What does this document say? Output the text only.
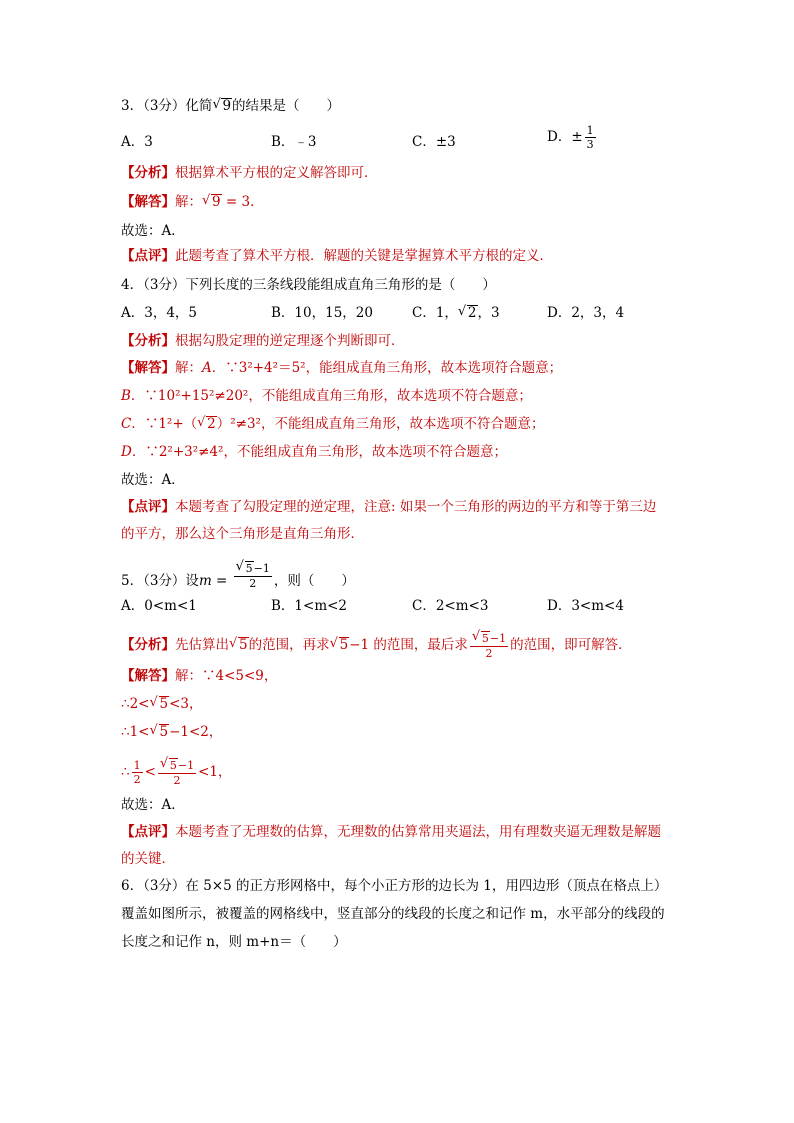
3．（3分）化简 √ 9的结果是（　　）
A．3	B．﹣3	C．±3	D．± $\frac{1}{3}$
【分析】根据算术平方根的定义解答即可．
【解答】解： √ 9 = 3．
故选：A．
【点评】此题考查了算术平方根．解题的关键是掌握算术平方根的定义．
4．（3分）下列长度的三条线段能组成直角三角形的是（　　）
A．3，4，5	B．10，15，20	C．1， √ 2，3	D．2，3，4
【分析】根据勾股定理的逆定理逐个判断即可．
【解答】解：A．∵3²+4²＝5²，能组成直角三角形，故本选项符合题意；
B．∵10²+15²≠20²，不能组成直角三角形，故本选项不符合题意；
C．∵1²+（ √ 2）²≠3²，不能组成直角三角形，故本选项不符合题意；
D．∵2²+3²≠4²，不能组成直角三角形，故本选项不符合题意；
故选：A．
【点评】本题考查了勾股定理的逆定理，注意: 如果一个三角形的两边的平方和等于第三边
的平方，那么这个三角形是直角三角形．
5．（3分）设m = √ $\frac{5-1}{2}$ ，则（　　）
A．0<m<1	B．1<m<2	C．2<m<3	D．3<m<4
【分析】先估算出 √ 5的范围，再求 √ 5−1 的范围，最后求 √ $\frac{5-1}{2}$ 的范围，即可解答．
【解答】解：∵4<5<9，
∴2< √ 5<3，
∴1< √ 5−1<2，
∴ $\frac{1}{2}$ < √ $\frac{5-1}{2} <1$，
故选：A．
【点评】本题考查了无理数的估算，无理数的估算常用夹逼法，用有理数夹逼无理数是解题
的关键．
6．（3分）在 5×5 的正方形网格中，每个小正方形的边长为 1，用四边形（顶点在格点上）
覆盖如图所示，被覆盖的网格线中，竖直部分的线段的长度之和记作 m，水平部分的线段的
长度之和记作 n，则 m+n＝（　　）
